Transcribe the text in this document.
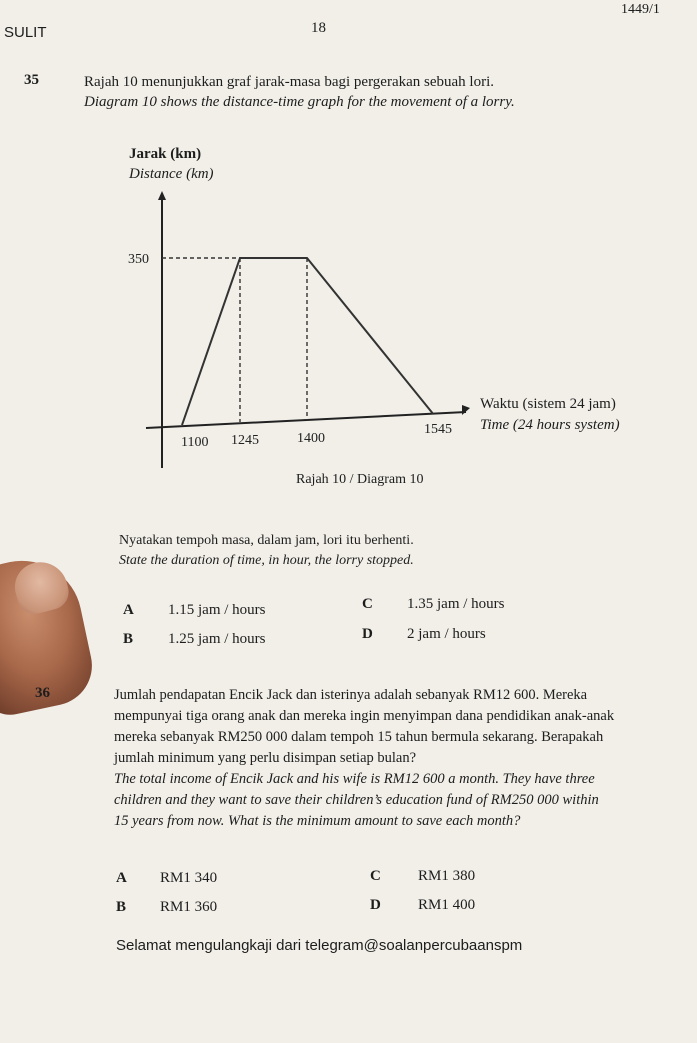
SULIT	18
1449/1
35	Rajah 10 menunjukkan graf jarak-masa bagi pergerakan sebuah lori.
Diagram 10 shows the distance-time graph for the movement of a lorry.
350
1100 1245	1400
1545
Jarak (km)
Distance (km)
Waktu (sistem 24 jam)
Time (24 hours system)
Rajah 10 / Diagram 10
Nyatakan tempoh masa, dalam jam, lori itu berhenti.
State the duration of time, in hour, the lorry stopped.
A 1.15 jam / hours
B 1.25 jam / hours
C 1.35 jam / hours
D 2 jam / hours
36	Jumlah pendapatan Encik Jack dan isterinya adalah sebanyak RM12 600. Mereka
mempunyai tiga orang anak dan mereka ingin menyimpan dana pendidikan anak-anak
mereka sebanyak RM250 000 dalam tempoh 15 tahun bermula sekarang. Berapakah
jumlah minimum yang perlu disimpan setiap bulan?
The total income of Encik Jack and his wife is RM12 600 a month. They have three
children and they want to save their children’s education fund of RM250 000 within
15 years from now. What is the minimum amount to save each month?
A RM1 340
B RM1 360
C RM1 380
D RM1 400
Selamat mengulangkaji dari telegram@soalanpercubaanspm
